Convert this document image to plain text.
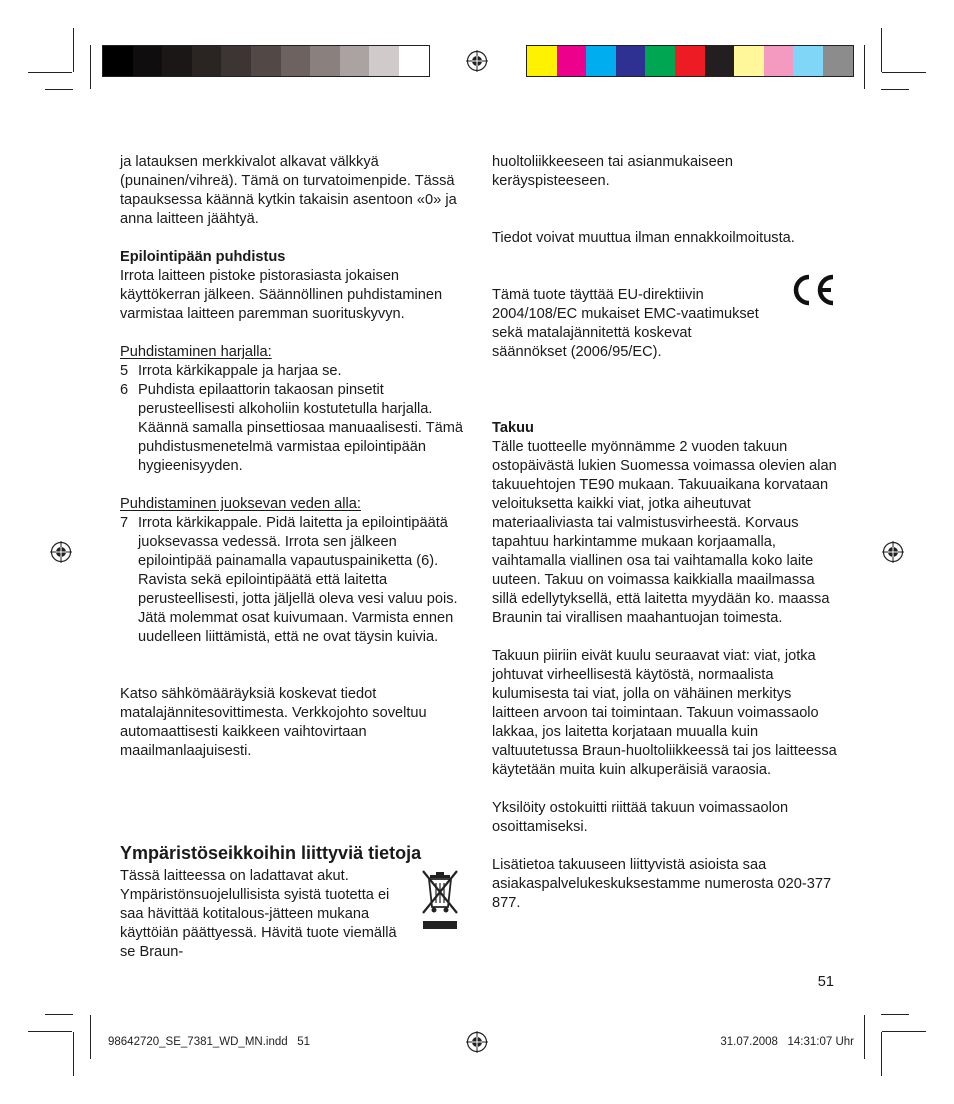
ja latauksen merkkivalot alkavat välkkyä (punainen/vihreä). Tämä on turvatoimenpide. Tässä tapauksessa käännä kytkin takaisin asentoon «0» ja anna laitteen jäähtyä.

Epilointipään puhdistus

Irrota laitteen pistoke pistorasiasta jokaisen käyttökerran jälkeen. Säännöllinen puhdistaminen varmistaa laitteen paremman suorituskyvyn.

Puhdistaminen harjalla:

5 Irrota kärkikappale ja harjaa se.
6 Puhdista epilaattorin takaosan pinsetit perusteellisesti alkoholiin kostutetulla harjalla. Käännä samalla pinsettiosaa manuaalisesti. Tämä puhdistusmenetelmä varmistaa epilointipään hygieenisyyden.

Puhdistaminen juoksevan veden alla:

7 Irrota kärkikappale. Pidä laitetta ja epilointipäätä juoksevassa vedessä. Irrota sen jälkeen epilointipää painamalla vapautuspainiketta (6). Ravista sekä epilointipäätä että laitetta perusteellisesti, jotta jäljellä oleva vesi valuu pois. Jätä molemmat osat kuivumaan. Varmista ennen uudelleen liittämistä, että ne ovat täysin kuivia.

Katso sähkömääräyksiä koskevat tiedot matalajännitesovittimesta. Verkkojohto soveltuu automaattisesti kaikkeen vaihtovirtaan maailmanlaajuisesti.

Ympäristöseikkoihin liittyviä tietoja

Tässä laitteessa on ladattavat akut. Ympäristönsuojelullisista syistä tuotetta ei saa hävittää kotitalous-jätteen mukana käyttöiän päättyessä. Hävitä tuote viemällä se Braun-

huoltoliikkeeseen tai asianmukaiseen keräyspisteeseen.

Tiedot voivat muuttua ilman ennakkoilmoitusta.

Tämä tuote täyttää EU-direktiivin 2004/108/EC mukaiset EMC-vaatimukset sekä matalajännitettä koskevat säännökset (2006/95/EC).

Takuu

Tälle tuotteelle myönnämme 2 vuoden takuun ostopäivästä lukien Suomessa voimassa olevien alan takuuehtojen TE90 mukaan. Takuuaikana korvataan veloituksetta kaikki viat, jotka aiheutuvat materiaaliviasta tai valmistusvirheestä. Korvaus tapahtuu harkintamme mukaan korjaamalla, vaihtamalla viallinen osa tai vaihtamalla koko laite uuteen. Takuu on voimassa kaikkialla maailmassa sillä edellytyksellä, että laitetta myydään ko. maassa Braunin tai virallisen maahantuojan toimesta.

Takuun piiriin eivät kuulu seuraavat viat: viat, jotka johtuvat virheellisestä käytöstä, normaalista kulumisesta tai viat, jolla on vähäinen merkitys laitteen arvoon tai toimintaan. Takuun voimassaolo lakkaa, jos laitetta korjataan muualla kuin valtuutetussa Braun-huoltoliikkeessä tai jos laitteessa käytetään muita kuin alkuperäisiä varaosia.

Yksilöity ostokuitti riittää takuun voimassaolon osoittamiseksi.

Lisätietoa takuuseen liittyvistä asioista saa asiakaspalvelukeskuksestamme numerosta 020-377 877.

51
98642720_SE_7381_WD_MN.indd   51	31.07.2008   14:31:07 Uhr
